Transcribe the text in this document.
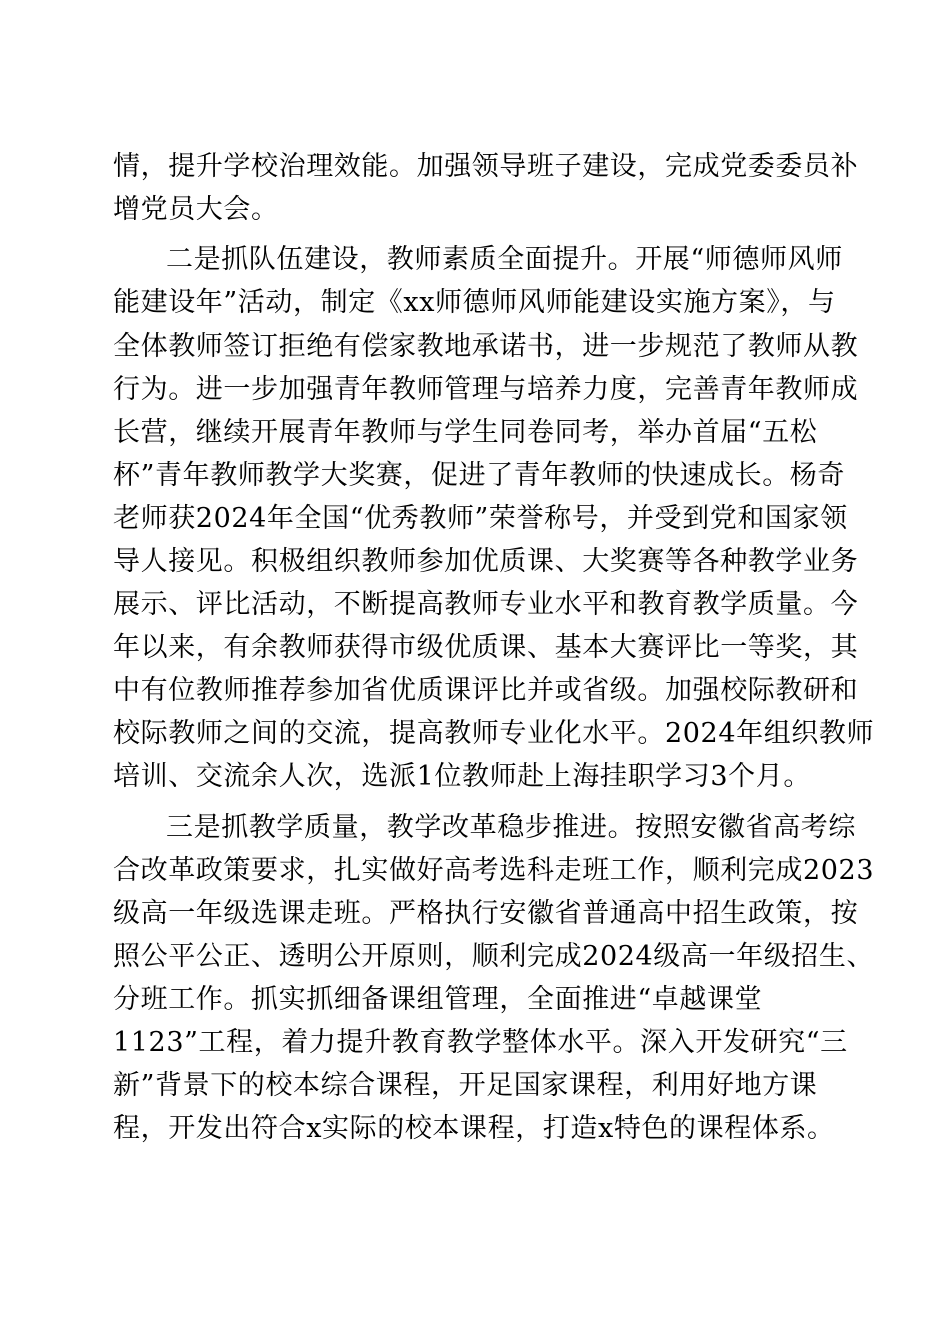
情，提升学校治理效能。加强领导班子建设，完成党委委员补
增党员大会。
二是抓队伍建设，教师素质全面提升。开展“师德师风师
能建设年”活动，制定《xx师德师风师能建设实施方案》，与
全体教师签订拒绝有偿家教地承诺书，进一步规范了教师从教
行为。进一步加强青年教师管理与培养力度，完善青年教师成
长营，继续开展青年教师与学生同卷同考，举办首届“五松
杯”青年教师教学大奖赛，促进了青年教师的快速成长。杨奇
老师获2024年全国“优秀教师”荣誉称号，并受到党和国家领
导人接见。积极组织教师参加优质课、大奖赛等各种教学业务
展示、评比活动，不断提高教师专业水平和教育教学质量。今
年以来，有余教师获得市级优质课、基本大赛评比一等奖，其
中有位教师推荐参加省优质课评比并或省级。加强校际教研和
校际教师之间的交流，提高教师专业化水平。2024年组织教师
培训、交流余人次，选派1位教师赴上海挂职学习3个月。
三是抓教学质量，教学改革稳步推进。按照安徽省高考综
合改革政策要求，扎实做好高考选科走班工作，顺利完成2023
级高一年级选课走班。严格执行安徽省普通高中招生政策，按
照公平公正、透明公开原则，顺利完成2024级高一年级招生、
分班工作。抓实抓细备课组管理，全面推进“卓越课堂
1123”工程，着力提升教育教学整体水平。深入开发研究“三
新”背景下的校本综合课程，开足国家课程，利用好地方课
程，开发出符合x实际的校本课程，打造x特色的课程体系。
